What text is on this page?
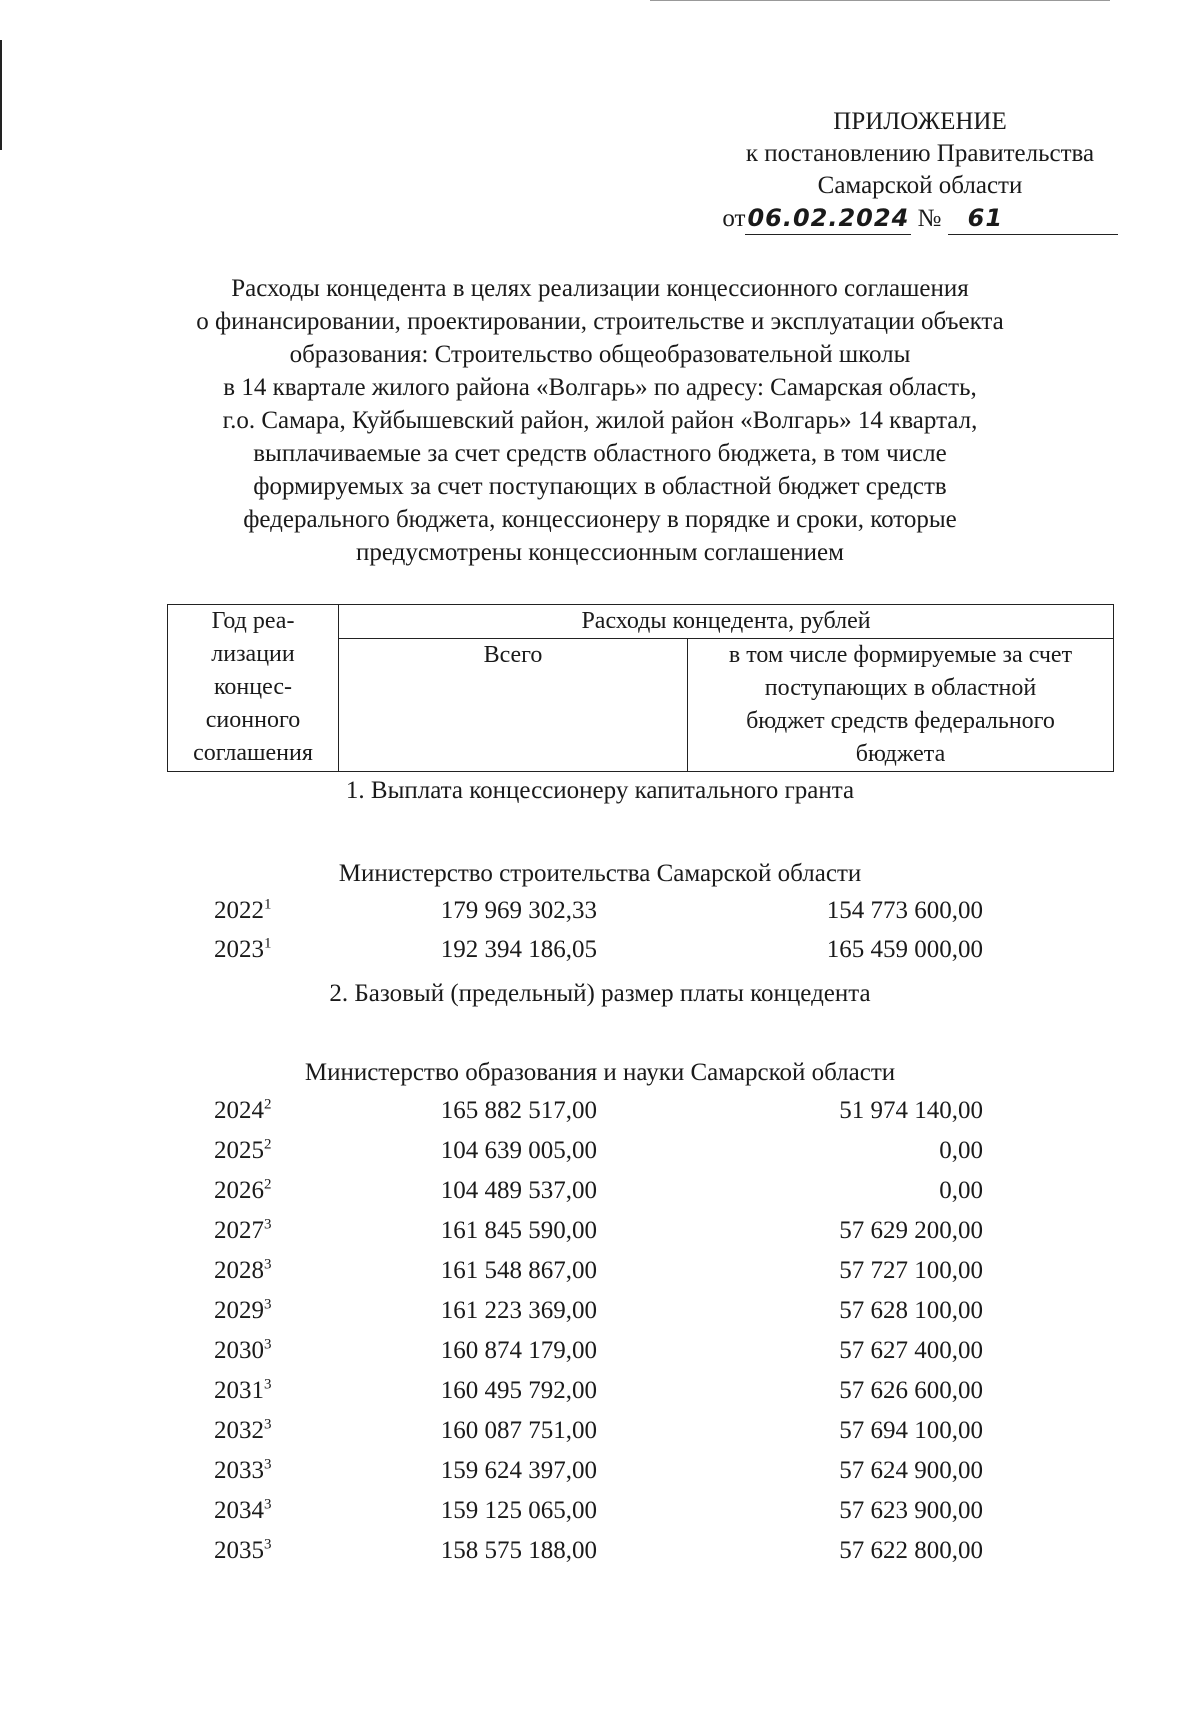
ПРИЛОЖЕНИЕ
к постановлению Правительства
Самарской области
от06.02.2024 № 61
Расходы концедента в целях реализации концессионного соглашения
о финансировании, проектировании, строительстве и эксплуатации объекта
образования: Строительство общеобразовательной школы
в 14 квартале жилого района «Волгарь» по адресу: Самарская область,
г.о. Самара, Куйбышевский район, жилой район «Волгарь» 14 квартал,
выплачиваемые за счет средств областного бюджета, в том числе
формируемых за счет поступающих в областной бюджет средств
федерального бюджета, концессионеру в порядке и сроки, которые
предусмотрены концессионным соглашением
Год реа-
лизации
концес-
сионного
соглашения	Расходы концедента, рублей	
	Всего	в том числе формируемые за счет
поступающих в областной
бюджет средств федерального
бюджета
1. Выплата концессионеру капитального гранта
Министерство строительства Самарской области
2022$^1$	179 969 302,33	154 773 600,00
2023$^1$	192 394 186,05	165 459 000,00
2. Базовый (предельный) размер платы концедента
Министерство образования и науки Самарской области
2024$^2$	165 882 517,00	51 974 140,00
2025$^2$	104 639 005,00	0,00
2026$^2$	104 489 537,00	0,00
2027$^3$	161 845 590,00	57 629 200,00
2028$^3$	161 548 867,00	57 727 100,00
2029$^3$	161 223 369,00	57 628 100,00
2030$^3$	160 874 179,00	57 627 400,00
2031$^3$	160 495 792,00	57 626 600,00
2032$^3$	160 087 751,00	57 694 100,00
2033$^3$	159 624 397,00	57 624 900,00
2034$^3$	159 125 065,00	57 623 900,00
2035$^3$	158 575 188,00	57 622 800,00
